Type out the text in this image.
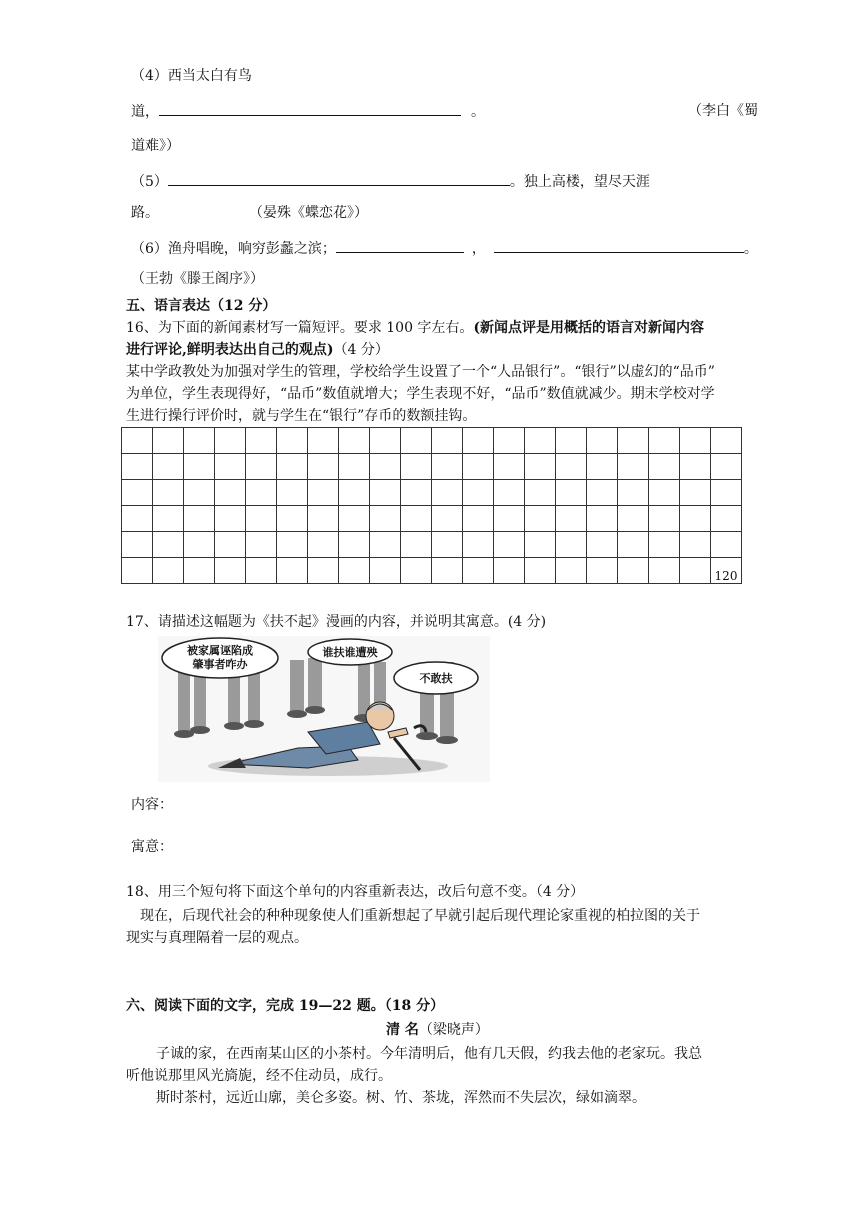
（4）西当太白有鸟
道，	。	（李白《蜀
道难》）
（5）	。独上高楼，望尽天涯
路。	（晏殊《蝶恋花》）
（6）渔舟唱晚，响穷彭蠡之滨；	，	。
（王勃《滕王阁序》）
五、语言表达（12 分）
16、为下面的新闻素材写一篇短评。要求 100 字左右。(新闻点评是用概括的语言对新闻内容
进行评论,鲜明表达出自己的观点)（4 分）
某中学政教处为加强对学生的管理，学校给学生设置了一个“人品银行”。“银行”以虚幻的“品币”
为单位，学生表现得好，“品币”数值就增大；学生表现不好，“品币”数值就减少。期末学校对学
生进行操行评价时，就与学生在“银行”存币的数额挂钩。

																			120
17、请描述这幅题为《扶不起》漫画的内容，并说明其寓意。(4 分)
被家属诬陷成
肇事者咋办
谁扶谁遭殃
不敢扶
内容：
寓意：
18、用三个短句将下面这个单句的内容重新表达，改后句意不变。（4 分）
现在，后现代社会的种种现象使人们重新想起了早就引起后现代理论家重视的柏拉图的关于
现实与真理隔着一层的观点。
六、阅读下面的文字，完成 19—22 题。（18 分）
清 名（梁晓声）
子诚的家，在西南某山区的小茶村。今年清明后，他有几天假，约我去他的老家玩。我总
听他说那里风光旖旎，经不住动员，成行。
斯时茶村，远近山廓，美仑多姿。树、竹、茶垅，浑然而不失层次，绿如滴翠。
